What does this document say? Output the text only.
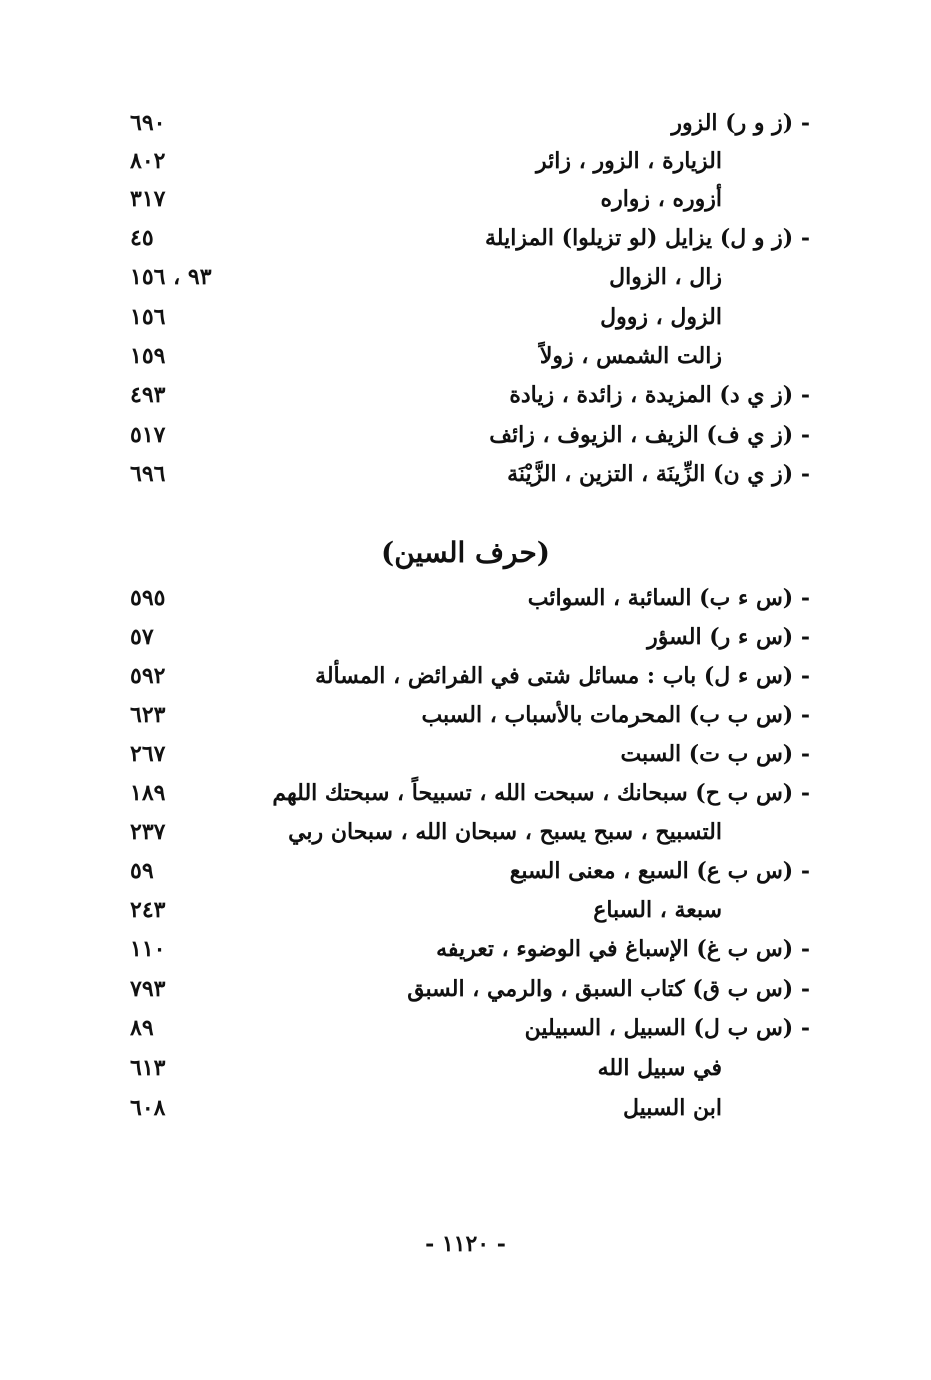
- (ز و ر) الزور
٦٩٠
الزيارة ، الزور ، زائر
٨٠٢
أزوره ، زواره
٣١٧
- (ز و ل) يزايل (لو تزيلوا) المزايلة
٤٥
زال ، الزوال
٩٣ ، ١٥٦
الزول ، زوول
١٥٦
زالت الشمس ، زولاً
١٥٩
- (ز ي د) المزيدة ، زائدة ، زيادة
٤٩٣
- (ز ي ف) الزيف ، الزيوف ، زائف
٥١٧
- (ز ي ن) الزِّينَة ، التزين ، الزَّيْنَة
٦٩٦
(حرف السين)
- (س ء ب) السائبة ، السوائب
٥٩٥
- (س ء ر) السؤر
٥٧
- (س ء ل) باب : مسائل شتى في الفرائض ، المسألة
٥٩٢
- (س ب ب) المحرمات بالأسباب ، السبب
٦٢٣
- (س ب ت) السبت
٢٦٧
- (س ب ح) سبحانك ، سبحت الله ، تسبيحاً ، سبحتك اللهم
١٨٩
التسبيح ، سبح يسبح ، سبحان الله ، سبحان ربي
٢٣٧
- (س ب ع) السبع ، معنى السبع
٥٩
سبعة ، السباع
٢٤٣
- (س ب غ) الإسباغ في الوضوء ، تعريفه
١١٠
- (س ب ق) كتاب السبق ، والرمي ، السبق
٧٩٣
- (س ب ل) السبيل ، السبيلين
٨٩
في سبيل الله
٦١٣
ابن السبيل
٦٠٨
- ١١٢٠ -
